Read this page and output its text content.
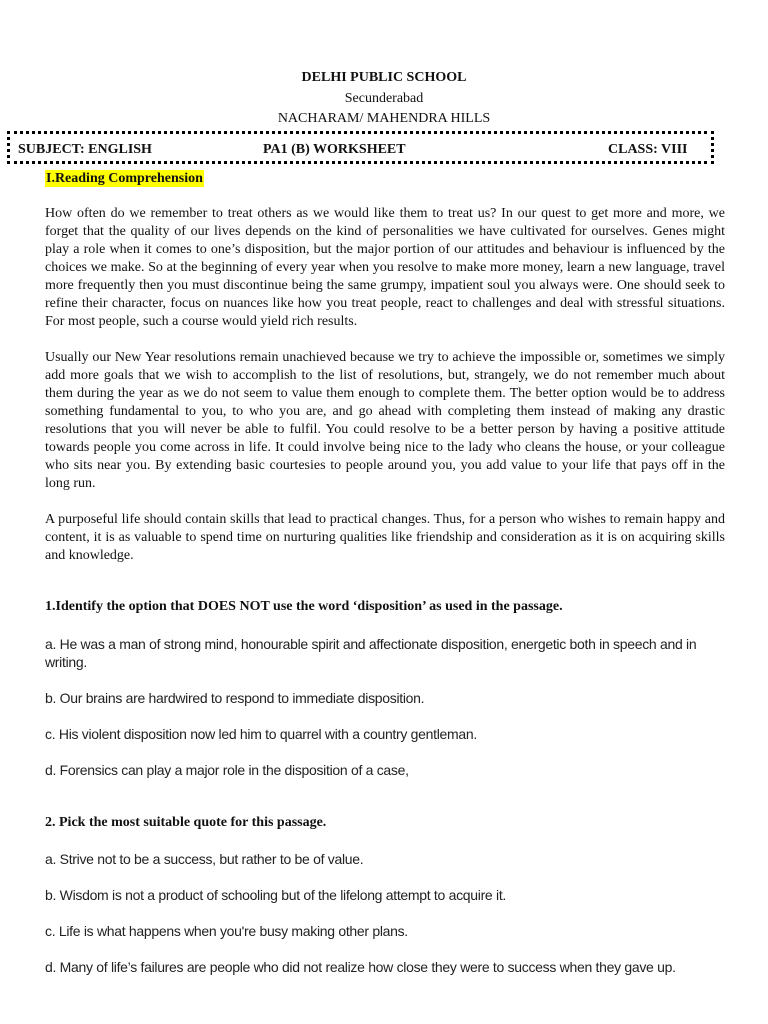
DELHI PUBLIC SCHOOL
Secunderabad
NACHARAM/ MAHENDRA HILLS
SUBJECT: ENGLISH	PA1 (B) WORKSHEET	CLASS: VIII
I.Reading Comprehension

How often do we remember to treat others as we would like them to treat us? In our quest to get more and more, we forget that the quality of our lives depends on the kind of personalities we have cultivated for ourselves. Genes might play a role when it comes to one’s disposition, but the major portion of our attitudes and behaviour is influenced by the choices we make. So at the beginning of every year when you resolve to make more money, learn a new language, travel more frequently then you must discontinue being the same grumpy, impatient soul you always were. One should seek to refine their character, focus on nuances like how you treat people, react to challenges and deal with stressful situations. For most people, such a course would yield rich results.

Usually our New Year resolutions remain unachieved because we try to achieve the impossible or, sometimes we simply add more goals that we wish to accomplish to the list of resolutions, but, strangely, we do not remember much about them during the year as we do not seem to value them enough to complete them. The better option would be to address something fundamental to you, to who you are, and go ahead with completing them instead of making any drastic resolutions that you will never be able to fulfil. You could resolve to be a better person by having a positive attitude towards people you come across in life. It could involve being nice to the lady who cleans the house, or your colleague who sits near you. By extending basic courtesies to people around you, you add value to your life that pays off in the long run.

A purposeful life should contain skills that lead to practical changes. Thus, for a person who wishes to remain happy and content, it is as valuable to spend time on nurturing qualities like friendship and consideration as it is on acquiring skills and knowledge.

1.Identify the option that DOES NOT use the word ‘disposition’ as used in the passage.

a. He was a man of strong mind, honourable spirit and affectionate disposition, energetic both in speech and in writing.

b. Our brains are hardwired to respond to immediate disposition.

c. His violent disposition now led him to quarrel with a country gentleman.

d. Forensics can play a major role in the disposition of a case,

2. Pick the most suitable quote for this passage.

a. Strive not to be a success, but rather to be of value.

b. Wisdom is not a product of schooling but of the lifelong attempt to acquire it.

c. Life is what happens when you're busy making other plans.

d. Many of life’s failures are people who did not realize how close they were to success when they gave up.
